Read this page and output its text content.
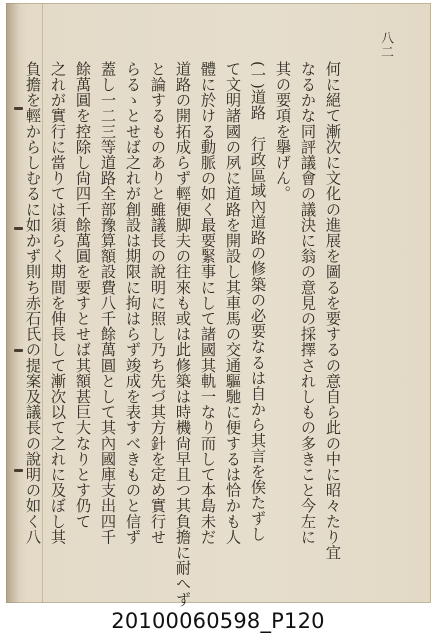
八二
何に絕て漸次に文化の進展を圖るを要するの意自ら此の中に昭々たり宜
なるかな同評議會の議決に翁の意見の採擇されしもの多きこと今左に
其の要項を擧げん。
(一)道路　行政區域內道路の修築の必要なるは自から其言を俟たずし
て文明諸國の夙に道路を開設し其車馬の交通驅馳に便するは恰かも人
體に於ける動脈の如く最要緊事にして諸國其軌一なり而して本島未だ
道路の開拓成らず輕便脚夫の往來も或は此修築は時機尙早且つ其負擔に耐へず
と論するものありと雖議長の說明に照し乃ち先づ其方針を定め實行せ
らるゝとせば之れが創設は期限に拘はらず竣成を表すべきものと信ず
蓋し一二三等道路全部豫算額設費八千餘萬圓として其內國庫支出四千
餘萬圓を控除し尙四千餘萬圓を要すとせば其額甚巨大なりとす仍て
之れが實行に當りては須らく期間を伸長して漸次以て之れに及ぼし其
負擔を輕からしむるに如かず則ち赤石氏の提案及議長の說明の如く八
20100060598_P120
